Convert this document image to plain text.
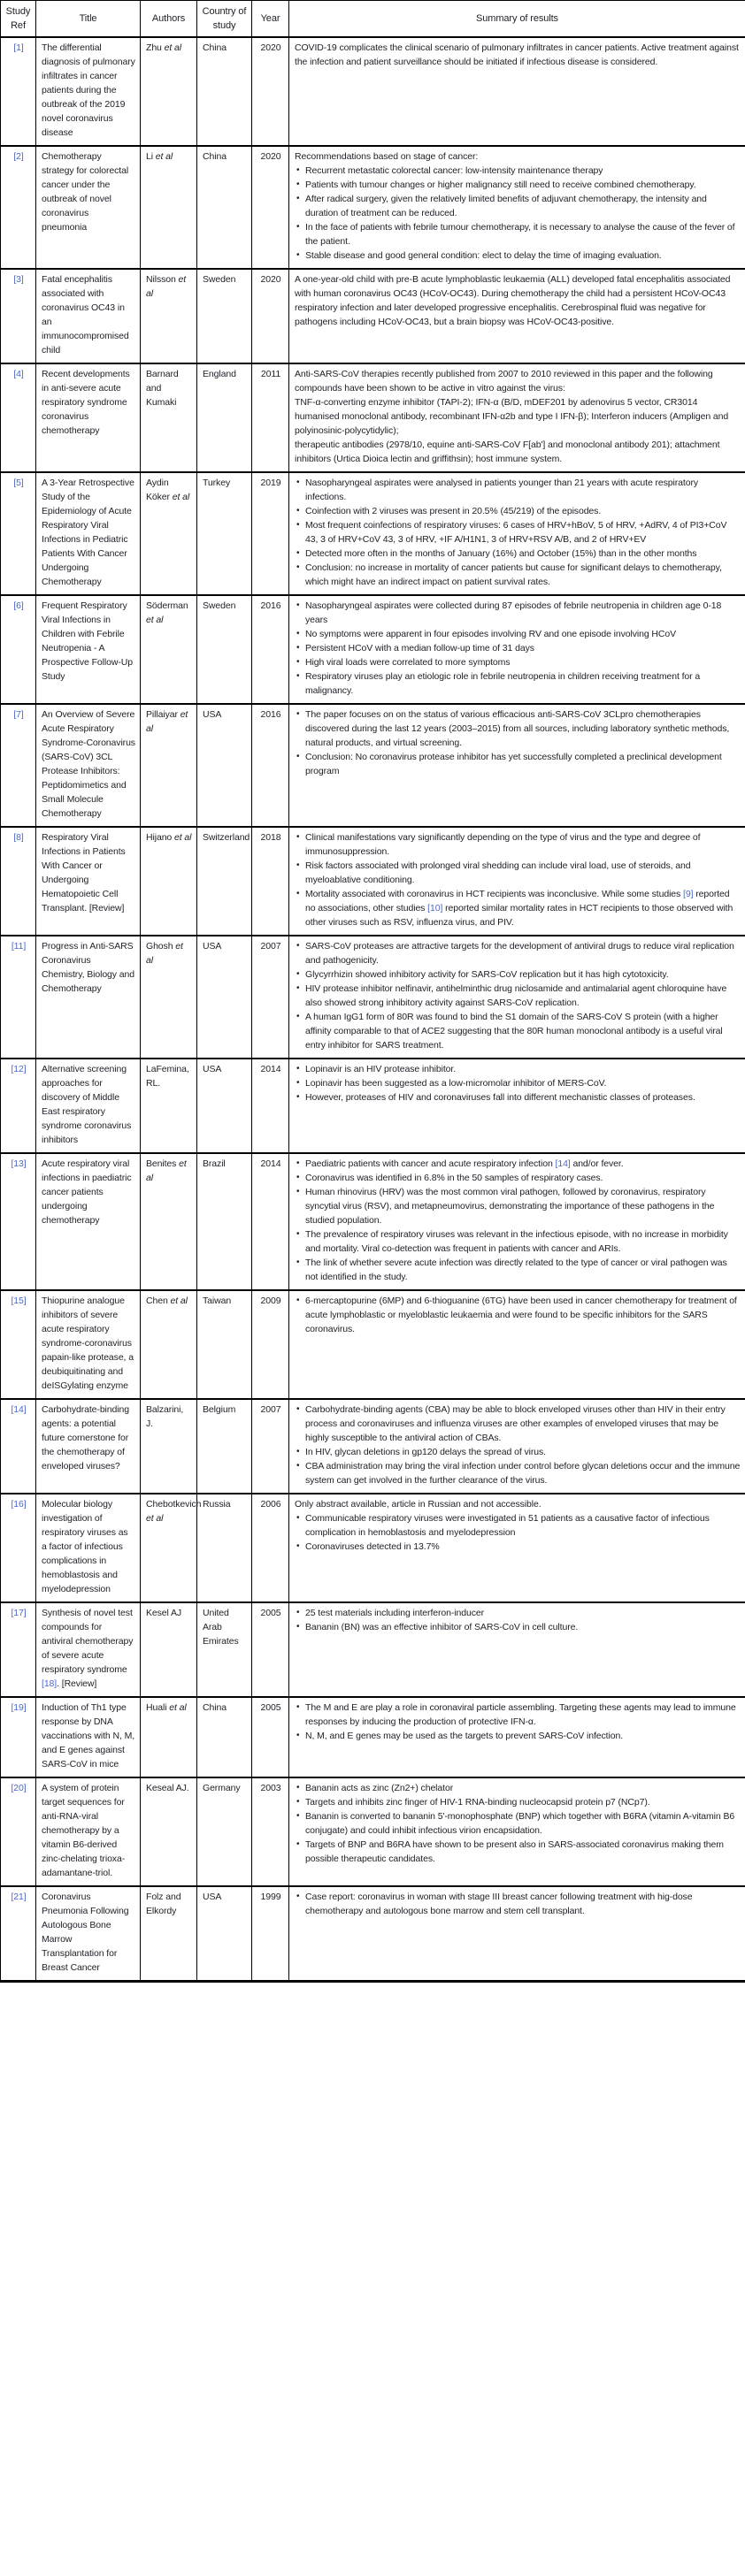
Study Ref	Title	Authors	Country of study	Year	Summary of results
[1]	The differential diagnosis of pulmonary infiltrates in cancer patients during the outbreak of the 2019 novel coronavirus disease	Zhu et al	China	2020	COVID-19 complicates the clinical scenario of pulmonary infiltrates in cancer patients. Active treatment against the infection and patient surveillance should be initiated if infectious disease is considered.

[2]	Chemotherapy strategy for colorectal cancer under the outbreak of novel coronavirus pneumonia	Li et al	China	2020	Recommendations based on stage of cancer:
• Recurrent metastatic colorectal cancer: low-intensity maintenance therapy
• Patients with tumour changes or higher malignancy still need to receive combined chemotherapy.
• After radical surgery, given the relatively limited benefits of adjuvant chemotherapy, the intensity and duration of treatment can be reduced.
• In the face of patients with febrile tumour chemotherapy, it is necessary to analyse the cause of the fever of the patient.
• Stable disease and good general condition: elect to delay the time of imaging evaluation.

[3]	Fatal encephalitis associated with coronavirus OC43 in an immunocompromised child	Nilsson et al	Sweden	2020	A one-year-old child with pre-B acute lymphoblastic leukaemia (ALL) developed fatal encephalitis associated with human coronavirus OC43 (HCoV-OC43). During chemotherapy the child had a persistent HCoV-OC43 respiratory infection and later developed progressive encephalitis. Cerebrospinal fluid was negative for pathogens including HCoV-OC43, but a brain biopsy was HCoV-OC43-positive.

[4]	Recent developments in anti-severe acute respiratory syndrome coronavirus chemotherapy	Barnard and Kumaki	England	2011	Anti-SARS-CoV therapies recently published from 2007 to 2010 reviewed in this paper and the following compounds have been shown to be active in vitro against the virus:
TNF-α-converting enzyme inhibitor (TAPI-2); IFN-α (B/D, mDEF201 by adenovirus 5 vector, CR3014 humanised monoclonal antibody, recombinant IFN-α2b and type I IFN-β); Interferon inducers (Ampligen and polyinosinic-polycytidylic);
therapeutic antibodies (2978/10, equine anti-SARS-CoV F[ab'] and monoclonal antibody 201); attachment inhibitors (Urtica Dioica lectin and griffithsin); host immune system.

[5]	A 3-Year Retrospective Study of the Epidemiology of Acute Respiratory Viral Infections in Pediatric Patients With Cancer Undergoing Chemotherapy	Aydin Köker et al	Turkey	2019	• Nasopharyngeal aspirates were analysed in patients younger than 21 years with acute respiratory infections.
• Coinfection with 2 viruses was present in 20.5% (45/219) of the episodes.
• Most frequent coinfections of respiratory viruses: 6 cases of HRV+hBoV, 5 of HRV, +AdRV, 4 of PI3+CoV 43, 3 of HRV+CoV 43, 3 of HRV, +IF A/H1N1, 3 of HRV+RSV A/B, and 2 of HRV+EV
• Detected more often in the months of January (16%) and October (15%) than in the other months
• Conclusion: no increase in mortality of cancer patients but cause for significant delays to chemotherapy, which might have an indirect impact on patient survival rates.

[6]	Frequent Respiratory Viral Infections in Children with Febrile Neutropenia - A Prospective Follow-Up Study	Söderman et al	Sweden	2016	• Nasopharyngeal aspirates were collected during 87 episodes of febrile neutropenia in children age 0-18 years
• No symptoms were apparent in four episodes involving RV and one episode involving HCoV
• Persistent HCoV with a median follow-up time of 31 days
• High viral loads were correlated to more symptoms
• Respiratory viruses play an etiologic role in febrile neutropenia in children receiving treatment for a malignancy.

[7]	An Overview of Severe Acute Respiratory Syndrome-Coronavirus (SARS-CoV) 3CL Protease Inhibitors: Peptidomimetics and Small Molecule Chemotherapy	Pillaiyar et al	USA	2016	• The paper focuses on on the status of various efficacious anti-SARS-CoV 3CLpro chemotherapies discovered during the last 12 years (2003–2015) from all sources, including laboratory synthetic methods, natural products, and virtual screening.
• Conclusion: No coronavirus protease inhibitor has yet successfully completed a preclinical development program

[8]	Respiratory Viral Infections in Patients With Cancer or Undergoing Hematopoietic Cell Transplant. [Review]	Hijano et al	Switzerland	2018	• Clinical manifestations vary significantly depending on the type of virus and the type and degree of immunosuppression.
• Risk factors associated with prolonged viral shedding can include viral load, use of steroids, and myeloablative conditioning.
• Mortality associated with coronavirus in HCT recipients was inconclusive. While some studies [9] reported no associations, other studies [10] reported similar mortality rates in HCT recipients to those observed with other viruses such as RSV, influenza virus, and PIV.

[11]	Progress in Anti-SARS Coronavirus Chemistry, Biology and Chemotherapy	Ghosh et al	USA	2007	• SARS-CoV proteases are attractive targets for the development of antiviral drugs to reduce viral replication and pathogenicity.
• Glycyrrhizin showed inhibitory activity for SARS-CoV replication but it has high cytotoxicity.
• HIV protease inhibitor nelfinavir, antihelminthic drug niclosamide and antimalarial agent chloroquine have also showed strong inhibitory activity against SARS-CoV replication.
• A human IgG1 form of 80R was found to bind the S1 domain of the SARS-CoV S protein (with a higher affinity comparable to that of ACE2 suggesting that the 80R human monoclonal antibody is a useful viral entry inhibitor for SARS treatment.

[12]	Alternative screening approaches for discovery of Middle East respiratory syndrome coronavirus inhibitors	LaFemina, RL.	USA	2014	• Lopinavir is an HIV protease inhibitor.
• Lopinavir has been suggested as a low-micromolar inhibitor of MERS-CoV.
• However, proteases of HIV and coronaviruses fall into different mechanistic classes of proteases.

[13]	Acute respiratory viral infections in paediatric cancer patients undergoing chemotherapy	Benites et al	Brazil	2014	• Paediatric patients with cancer and acute respiratory infection [14] and/or fever.
• Coronavirus was identified in 6.8% in the 50 samples of respiratory cases.
• Human rhinovirus (HRV) was the most common viral pathogen, followed by coronavirus, respiratory syncytial virus (RSV), and metapneumovirus, demonstrating the importance of these pathogens in the studied population.
• The prevalence of respiratory viruses was relevant in the infectious episode, with no increase in morbidity and mortality. Viral co-detection was frequent in patients with cancer and ARIs.
• The link of whether severe acute infection was directly related to the type of cancer or viral pathogen was not identified in the study.

[15]	Thiopurine analogue inhibitors of severe acute respiratory syndrome-coronavirus papain-like protease, a deubiquitinating and deISGylating enzyme	Chen et al	Taiwan	2009	• 6-mercaptopurine (6MP) and 6-thioguanine (6TG) have been used in cancer chemotherapy for treatment of acute lymphoblastic or myeloblastic leukaemia and were found to be specific inhibitors for the SARS coronavirus.

[14]	Carbohydrate-binding agents: a potential future cornerstone for the chemotherapy of enveloped viruses?	Balzarini, J.	Belgium	2007	• Carbohydrate-binding agents (CBA) may be able to block enveloped viruses other than HIV in their entry process and coronaviruses and influenza viruses are other examples of enveloped viruses that may be highly susceptible to the antiviral action of CBAs.
• In HIV, glycan deletions in gp120 delays the spread of virus.
• CBA administration may bring the viral infection under control before glycan deletions occur and the immune system can get involved in the further clearance of the virus.

[16]	Molecular biology investigation of respiratory viruses as a factor of infectious complications in hemoblastosis and myelodepression	Chebotkevich et al	Russia	2006	Only abstract available, article in Russian and not accessible.
• Communicable respiratory viruses were investigated in 51 patients as a causative factor of infectious complication in hemoblastosis and myelodepression
• Coronaviruses detected in 13.7%

[17]	Synthesis of novel test compounds for antiviral chemotherapy of severe acute respiratory syndrome [18]. [Review]	Kesel AJ	United Arab Emirates	2005	• 25 test materials including interferon-inducer
• Bananin (BN) was an effective inhibitor of SARS-CoV in cell culture.

[19]	Induction of Th1 type response by DNA vaccinations with N, M, and E genes against SARS-CoV in mice	Huali et al	China	2005	• The M and E are play a role in coronaviral particle assembling. Targeting these agents may lead to immune responses by inducing the production of protective IFN-α.
• N, M, and E genes may be used as the targets to prevent SARS-CoV infection.

[20]	A system of protein target sequences for anti-RNA-viral chemotherapy by a vitamin B6-derived zinc-chelating trioxa-adamantane-triol.	Keseal AJ.	Germany	2003	• Bananin acts as zinc (Zn2+) chelator
• Targets and inhibits zinc finger of HIV-1 RNA-binding nucleocapsid protein p7 (NCp7).
• Bananin is converted to bananin 5'-monophosphate (BNP) which together with B6RA (vitamin A-vitamin B6 conjugate) and could inhibit infectious virion encapsidation.
• Targets of BNP and B6RA have shown to be present also in SARS-associated coronavirus making them possible therapeutic candidates.

[21]	Coronavirus Pneumonia Following Autologous Bone Marrow Transplantation for Breast Cancer	Folz and Elkordy	USA	1999	• Case report: coronavirus in woman with stage III breast cancer following treatment with hig-dose chemotherapy and autologous bone marrow and stem cell transplant.
